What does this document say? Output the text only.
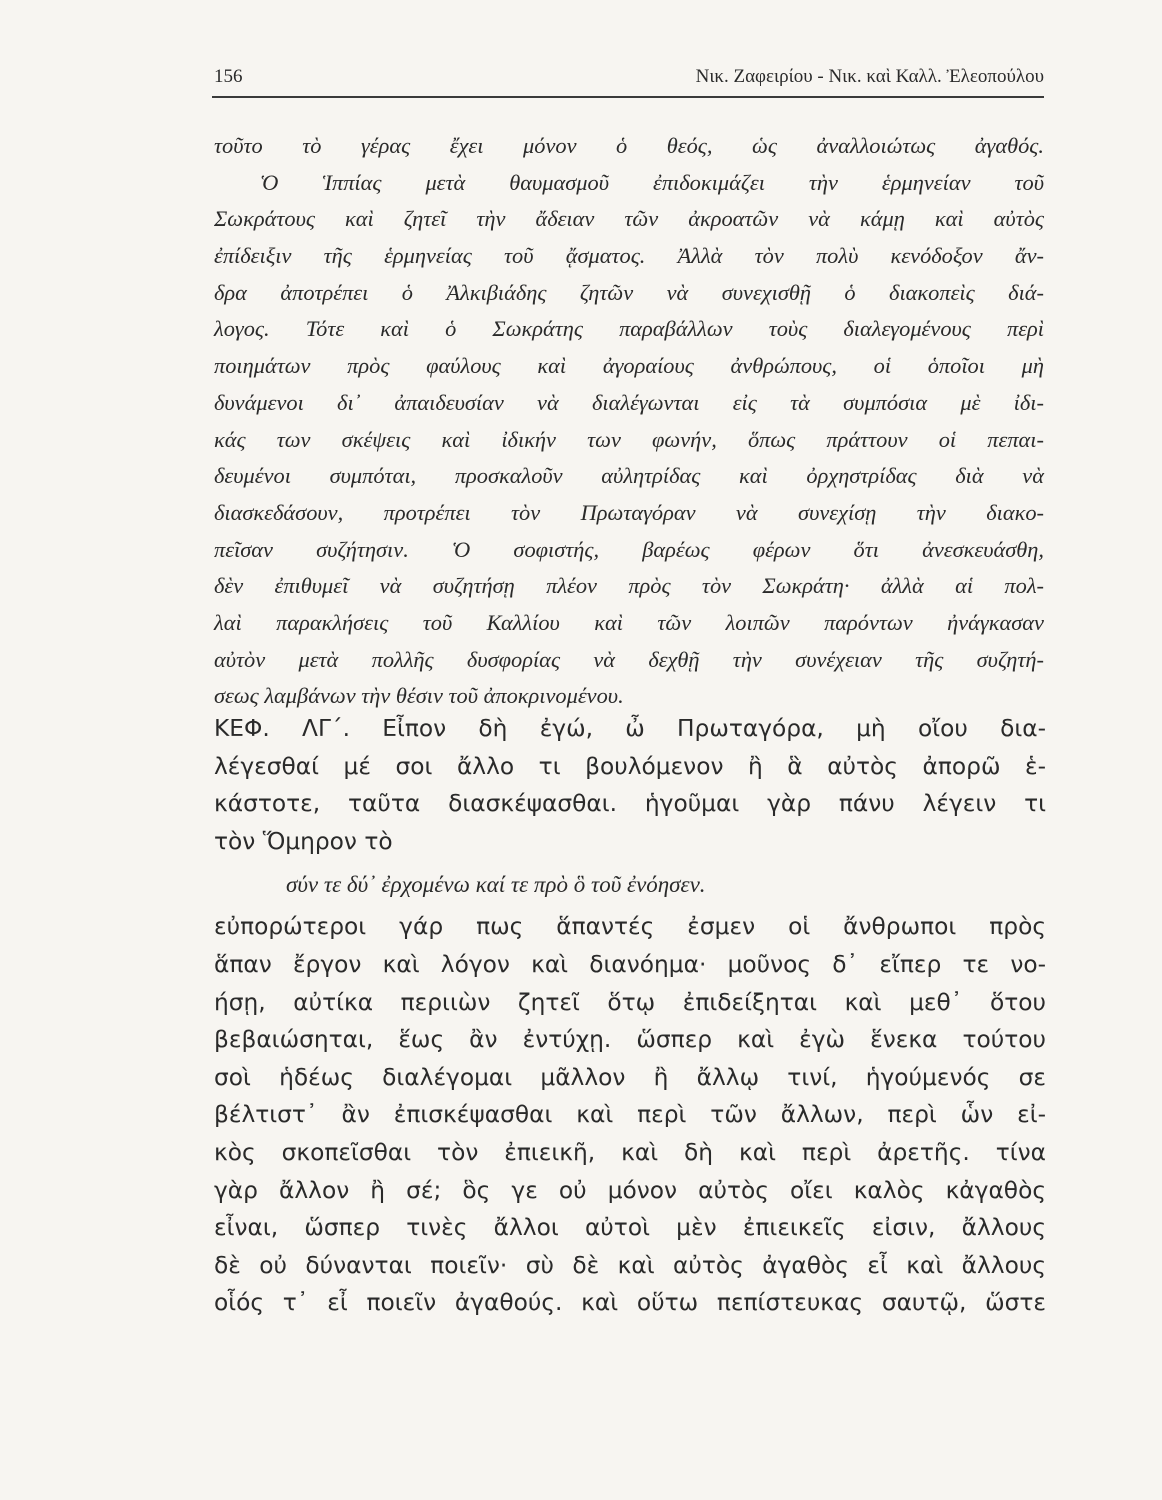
156	Νικ. Ζαφειρίου - Νικ. καὶ Καλλ. Ἐλεοπούλου
τοῦτο τὸ γέρας ἔχει μόνον ὁ θεός, ὡς ἀναλλοιώτως ἀγαθός.
Ὁ Ἱππίας μετὰ θαυμασμοῦ ἐπιδοκιμάζει τὴν ἑρμηνείαν τοῦ
Σωκράτους καὶ ζητεῖ τὴν ἄδειαν τῶν ἀκροατῶν νὰ κάμῃ καὶ αὐτὸς
ἐπίδειξιν τῆς ἑρμηνείας τοῦ ᾄσματος. Ἀλλὰ τὸν πολὺ κενόδοξον ἄν-
δρα ἀποτρέπει ὁ Ἀλκιβιάδης ζητῶν νὰ συνεχισθῇ ὁ διακοπεὶς διά-
λογος. Τότε καὶ ὁ Σωκράτης παραβάλλων τοὺς διαλεγομένους περὶ
ποιημάτων πρὸς φαύλους καὶ ἀγοραίους ἀνθρώπους, οἱ ὁποῖοι μὴ
δυνάμενοι δι᾿ ἀπαιδευσίαν νὰ διαλέγωνται εἰς τὰ συμπόσια μὲ ἰδι-
κάς των σκέψεις καὶ ἰδικήν των φωνήν, ὅπως πράττουν οἱ πεπαι-
δευμένοι συμπόται, προσκαλοῦν αὐλητρίδας καὶ ὀρχηστρίδας διὰ νὰ
διασκεδάσουν, προτρέπει τὸν Πρωταγόραν νὰ συνεχίσῃ τὴν διακο-
πεῖσαν συζήτησιν. Ὁ σοφιστής, βαρέως φέρων ὅτι ἀνεσκευάσθη,
δὲν ἐπιθυμεῖ νὰ συζητήσῃ πλέον πρὸς τὸν Σωκράτη· ἀλλὰ αἱ πολ-
λαὶ παρακλήσεις τοῦ Καλλίου καὶ τῶν λοιπῶν παρόντων ἠνάγκασαν
αὐτὸν μετὰ πολλῆς δυσφορίας νὰ δεχθῇ τὴν συνέχειαν τῆς συζητή-
σεως λαμβάνων τὴν θέσιν τοῦ ἀποκρινομένου.
ΚΕΦ. ΛΓ΄. Εἶπον δὴ ἐγώ, ὦ Πρωταγόρα, μὴ οἴου δια-
λέγεσθαί μέ σοι ἄλλο τι βουλόμενον ἢ ἃ αὐτὸς ἀπορῶ ἑ-
κάστοτε, ταῦτα διασκέψασθαι. ἡγοῦμαι γὰρ πάνυ λέγειν τι
τὸν Ὅμηρον τὸ
σύν τε δύ᾿ ἐρχομένω καί τε πρὸ ὃ τοῦ ἐνόησεν.
εὐπορώτεροι γάρ πως ἅπαντές ἐσμεν οἱ ἄνθρωποι πρὸς
ἅπαν ἔργον καὶ λόγον καὶ διανόημα· μοῦνος δ᾿ εἴπερ τε νο-
ήσῃ, αὐτίκα περιιὼν ζητεῖ ὅτῳ ἐπιδείξηται καὶ μεθ᾿ ὅτου
βεβαιώσηται, ἕως ἂν ἐντύχῃ. ὥσπερ καὶ ἐγὼ ἕνεκα τούτου
σοὶ ἡδέως διαλέγομαι μᾶλλον ἢ ἄλλῳ τινί, ἡγούμενός σε
βέλτιστ᾿ ἂν ἐπισκέψασθαι καὶ περὶ τῶν ἄλλων, περὶ ὧν εἰ-
κὸς σκοπεῖσθαι τὸν ἐπιεικῆ, καὶ δὴ καὶ περὶ ἀρετῆς. τίνα
γὰρ ἄλλον ἢ σέ; ὃς γε οὐ μόνον αὐτὸς οἴει καλὸς κἀγαθὸς
εἶναι, ὥσπερ τινὲς ἄλλοι αὐτοὶ μὲν ἐπιεικεῖς εἰσιν, ἄλλους
δὲ οὐ δύνανται ποιεῖν· σὺ δὲ καὶ αὐτὸς ἀγαθὸς εἶ καὶ ἄλλους
οἷός τ᾿ εἶ ποιεῖν ἀγαθούς. καὶ οὕτω πεπίστευκας σαυτῷ, ὥστε
